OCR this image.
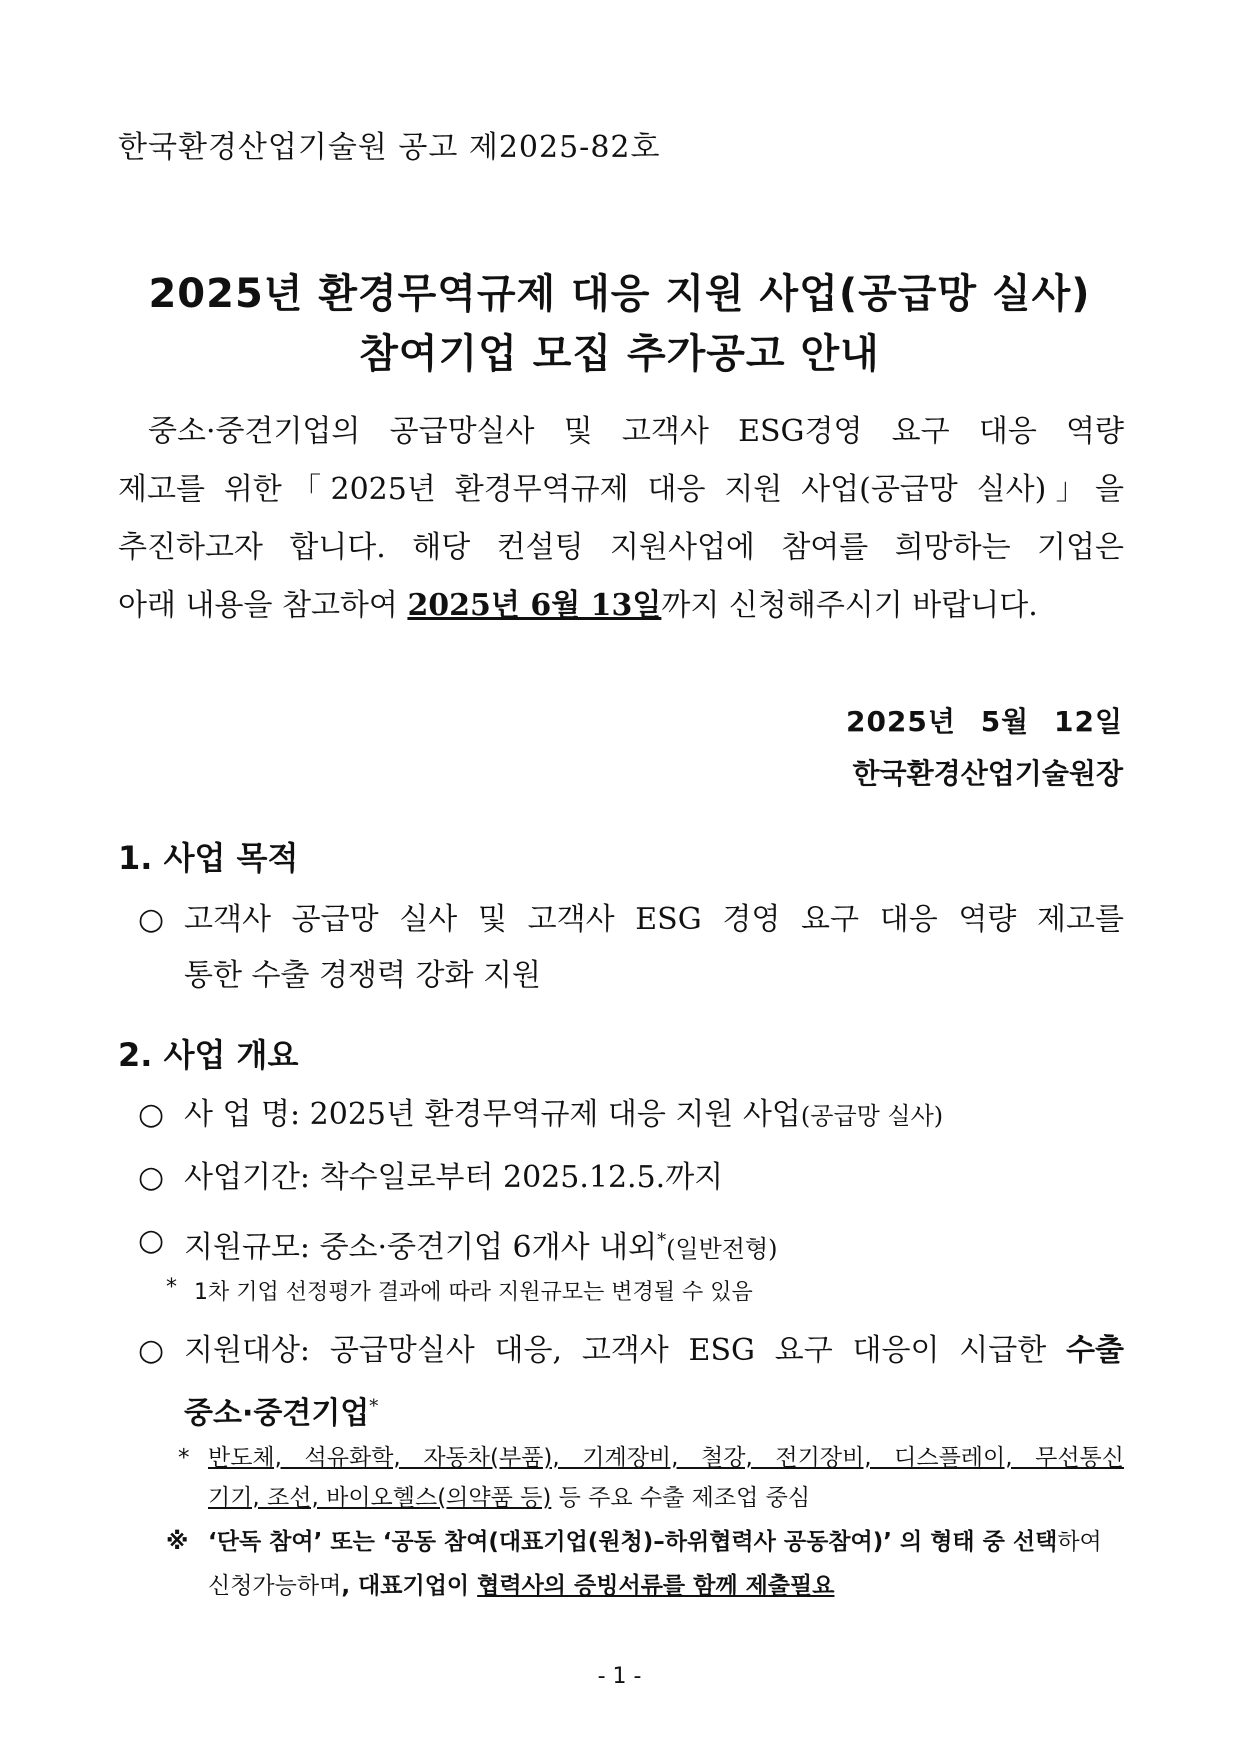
한국환경산업기술원 공고 제2025-82호
2025년 환경무역규제 대응 지원 사업(공급망 실사)
참여기업 모집 추가공고 안내

중소·중견기업의 공급망실사 및 고객사 ESG경영 요구 대응 역량

제고를 위한「2025년 환경무역규제 대응 지원 사업(공급망 실사)」을

추진하고자 합니다. 해당 컨설팅 지원사업에 참여를 희망하는 기업은

아래 내용을 참고하여 2025년 6월 13일까지 신청해주시기 바랍니다.

2025년 5월 12일
한국환경산업기술원장
1. 사업 목적
○ 고객사 공급망 실사 및 고객사 ESG 경영 요구 대응 역량 제고를
통한 수출 경쟁력 강화 지원
2. 사업 개요
○ 사 업 명: 2025년 환경무역규제 대응 지원 사업(공급망 실사)
○ 사업기간: 착수일로부터 2025.12.5.까지
○ 지원규모: 중소·중견기업 6개사 내외*(일반전형)
* 1차 기업 선정평가 결과에 따라 지원규모는 변경될 수 있음
○ 지원대상: 공급망실사 대응, 고객사 ESG 요구 대응이 시급한 수출
중소·중견기업*
* 반도체, 석유화학, 자동차(부품), 기계장비, 철강, 전기장비, 디스플레이, 무선통신
기기, 조선, 바이오헬스(의약품 등) 등 주요 수출 제조업 중심
※ ‘단독 참여’ 또는 ‘공동 참여(대표기업(원청)–하위협력사 공동참여)’ 의 형태 중 선택하여
신청가능하며, 대표기업이 협력사의 증빙서류를 함께 제출필요
- 1 -
